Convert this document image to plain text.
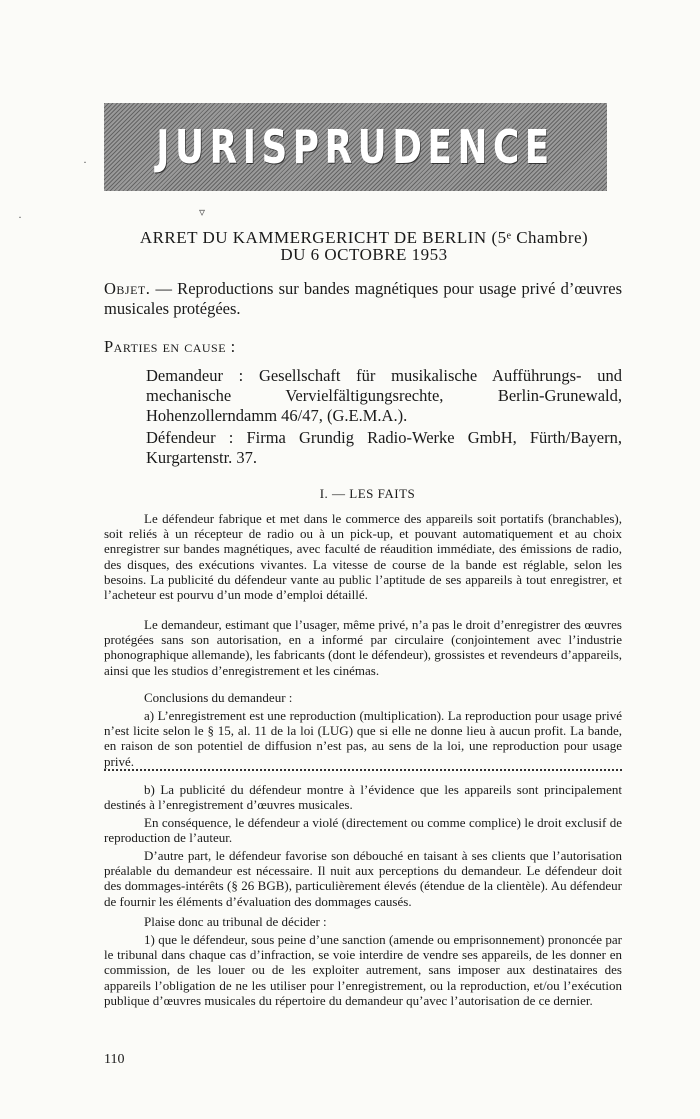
·
·	▿
JURISPRUDENCE
ARRET DU KAMMERGERICHT DE BERLIN (5ᵉ Chambre)
DU 6 OCTOBRE 1953
Objet. — Reproductions sur bandes magnétiques pour usage privé d’œuvres musicales protégées.
Parties en cause :
Demandeur : Gesellschaft für musikalische Aufführungs- und mechanische Vervielfältigungsrechte, Berlin-Grunewald, Hohenzollerndamm 46/47, (G.E.M.A.).
Défendeur : Firma Grundig Radio-Werke GmbH, Fürth/Bayern, Kurgartenstr. 37.
I. — LES FAITS
Le défendeur fabrique et met dans le commerce des appareils soit portatifs (branchables), soit reliés à un récepteur de radio ou à un pick-up, et pouvant automatiquement et au choix enregistrer sur bandes magnétiques, avec faculté de réaudition immédiate, des émissions de radio, des disques, des exécutions vivantes. La vitesse de course de la bande est réglable, selon les besoins. La publicité du défendeur vante au public l’aptitude de ses appareils à tout enregistrer, et l’acheteur est pourvu d’un mode d’emploi détaillé.
Le demandeur, estimant que l’usager, même privé, n’a pas le droit d’enregistrer des œuvres protégées sans son autorisation, en a informé par circulaire (conjointement avec l’industrie phonographique allemande), les fabricants (dont le défendeur), grossistes et revendeurs d’appareils, ainsi que les studios d’enregistrement et les cinémas.
Conclusions du demandeur :
a) L’enregistrement est une reproduction (multiplication). La reproduction pour usage privé n’est licite selon le § 15, al. 11 de la loi (LUG) que si elle ne donne lieu à aucun profit. La bande, en raison de son potentiel de diffusion n’est pas, au sens de la loi, une reproduction pour usage privé.
b) La publicité du défendeur montre à l’évidence que les appareils sont principalement destinés à l’enregistrement d’œuvres musicales.
En conséquence, le défendeur a violé (directement ou comme complice) le droit exclusif de reproduction de l’auteur.
D’autre part, le défendeur favorise son débouché en taisant à ses clients que l’autorisation préalable du demandeur est nécessaire. Il nuit aux perceptions du demandeur. Le défendeur doit des dommages-intérêts (§ 26 BGB), particulièrement élevés (étendue de la clientèle). Au défendeur de fournir les éléments d’évaluation des dommages causés.
Plaise donc au tribunal de décider :
1) que le défendeur, sous peine d’une sanction (amende ou emprisonnement) prononcée par le tribunal dans chaque cas d’infraction, se voie interdire de vendre ses appareils, de les donner en commission, de les louer ou de les exploiter autrement, sans imposer aux destinataires des appareils l’obligation de ne les utiliser pour l’enregistrement, ou la reproduction, et/ou l’exécution publique d’œuvres musicales du répertoire du demandeur qu’avec l’autorisation de ce dernier.
110
